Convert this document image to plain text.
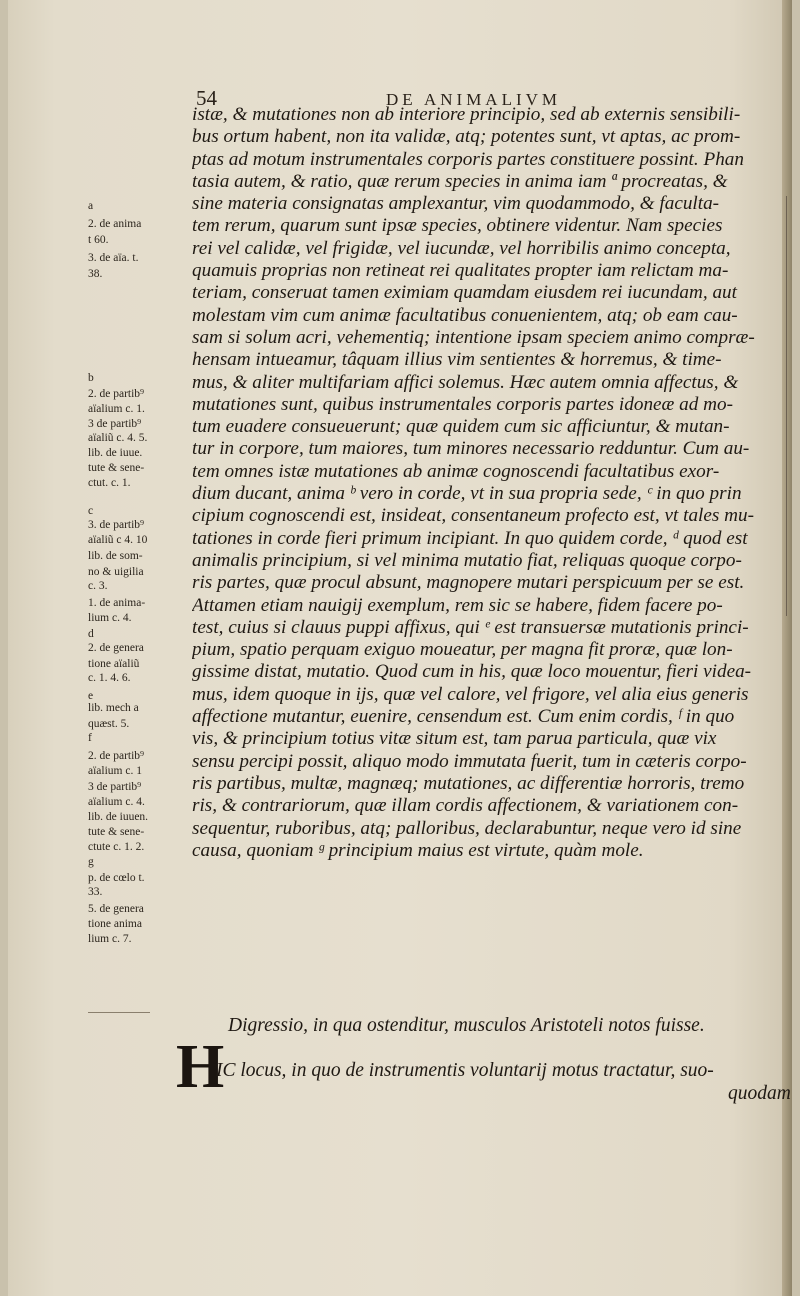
54	DE ANIMALIVM
a
2. de anima
t 60.
3. de aïa. t.
38.
b
2. de partib⁹
aïalium c. 1.
3 de partib⁹
aïaliũ c. 4. 5.
lib. de iuue.
tute & sene-
ctut. c. 1.
c
3. de partib⁹
aïaliũ c 4. 10
lib. de som-
no & uigilia
c. 3.
1. de anima-
lium c. 4.
d
2. de genera
tione aïaliũ
c. 1. 4. 6.
e
lib. mech a
quæst. 5.
f
2. de partib⁹
aïalium c. 1
3 de partib⁹
aïalium c. 4.
lib. de iuuen.
tute & sene-
ctute c. 1. 2.
g
p. de cœlo t.
33.
5. de genera
tione anima
lium c. 7.
istæ, & mutationes non ab interiore principio, sed ab externis sensibili-
bus ortum habent, non ita validæ, atq; potentes sunt, vt aptas, ac prom-
ptas ad motum instrumentales corporis partes constituere possint. Phan
tasia autem, & ratio, quæ rerum species in anima iam ª procreatas, &
sine materia consignatas amplexantur, vim quodammodo, & faculta-
tem rerum, quarum sunt ipsæ species, obtinere videntur. Nam species
rei vel calidæ, vel frigidæ, vel iucundæ, vel horribilis animo concepta,
quamuis proprias non retineat rei qualitates propter iam relictam ma-
teriam, conseruat tamen eximiam quamdam eiusdem rei iucundam, aut
molestam vim cum animæ facultatibus conuenientem, atq; ob eam cau-
sam si solum acri, vehementiq; intentione ipsam speciem animo compræ-
hensam intueamur, tâquam illius vim sentientes & horremus, & time-
mus, & aliter multifariam affici solemus. Hæc autem omnia affectus, &
mutationes sunt, quibus instrumentales corporis partes idoneæ ad mo-
tum euadere consueuerunt; quæ quidem cum sic afficiuntur, & mutan-
tur in corpore, tum maiores, tum minores necessario redduntur. Cum au-
tem omnes istæ mutationes ab animæ cognoscendi facultatibus exor-
dium ducant, anima ᵇ vero in corde, vt in sua propria sede, ᶜ in quo prin
cipium cognoscendi est, insideat, consentaneum profecto est, vt tales mu-
tationes in corde fieri primum incipiant. In quo quidem corde, ᵈ quod est
animalis principium, si vel minima mutatio fiat, reliquas quoque corpo-
ris partes, quæ procul absunt, magnopere mutari perspicuum per se est.
Attamen etiam nauigij exemplum, rem sic se habere, fidem facere po-
test, cuius si clauus puppi affixus, qui ᵉ est transuersæ mutationis princi-
pium, spatio perquam exiguo moueatur, per magna fit proræ, quæ lon-
gissime distat, mutatio. Quod cum in his, quæ loco mouentur, fieri videa-
mus, idem quoque in ijs, quæ vel calore, vel frigore, vel alia eius generis
affectione mutantur, euenire, censendum est. Cum enim cordis, ᶠ in quo
vis, & principium totius vitæ situm est, tam parua particula, quæ vix
sensu percipi possit, aliquo modo immutata fuerit, tum in cæteris corpo-
ris partibus, multæ, magnæq; mutationes, ac differentiæ horroris, tremo
ris, & contrariorum, quæ illam cordis affectionem, & variationem con-
sequentur, ruboribus, atq; palloribus, declarabuntur, neque vero id sine
causa, quoniam ᵍ principium maius est virtute, quàm mole.
Digressio, in qua ostenditur, musculos Aristoteli notos fuisse.
H
IC locus, in quo de instrumentis voluntarij motus tractatur, suo-
quodam
